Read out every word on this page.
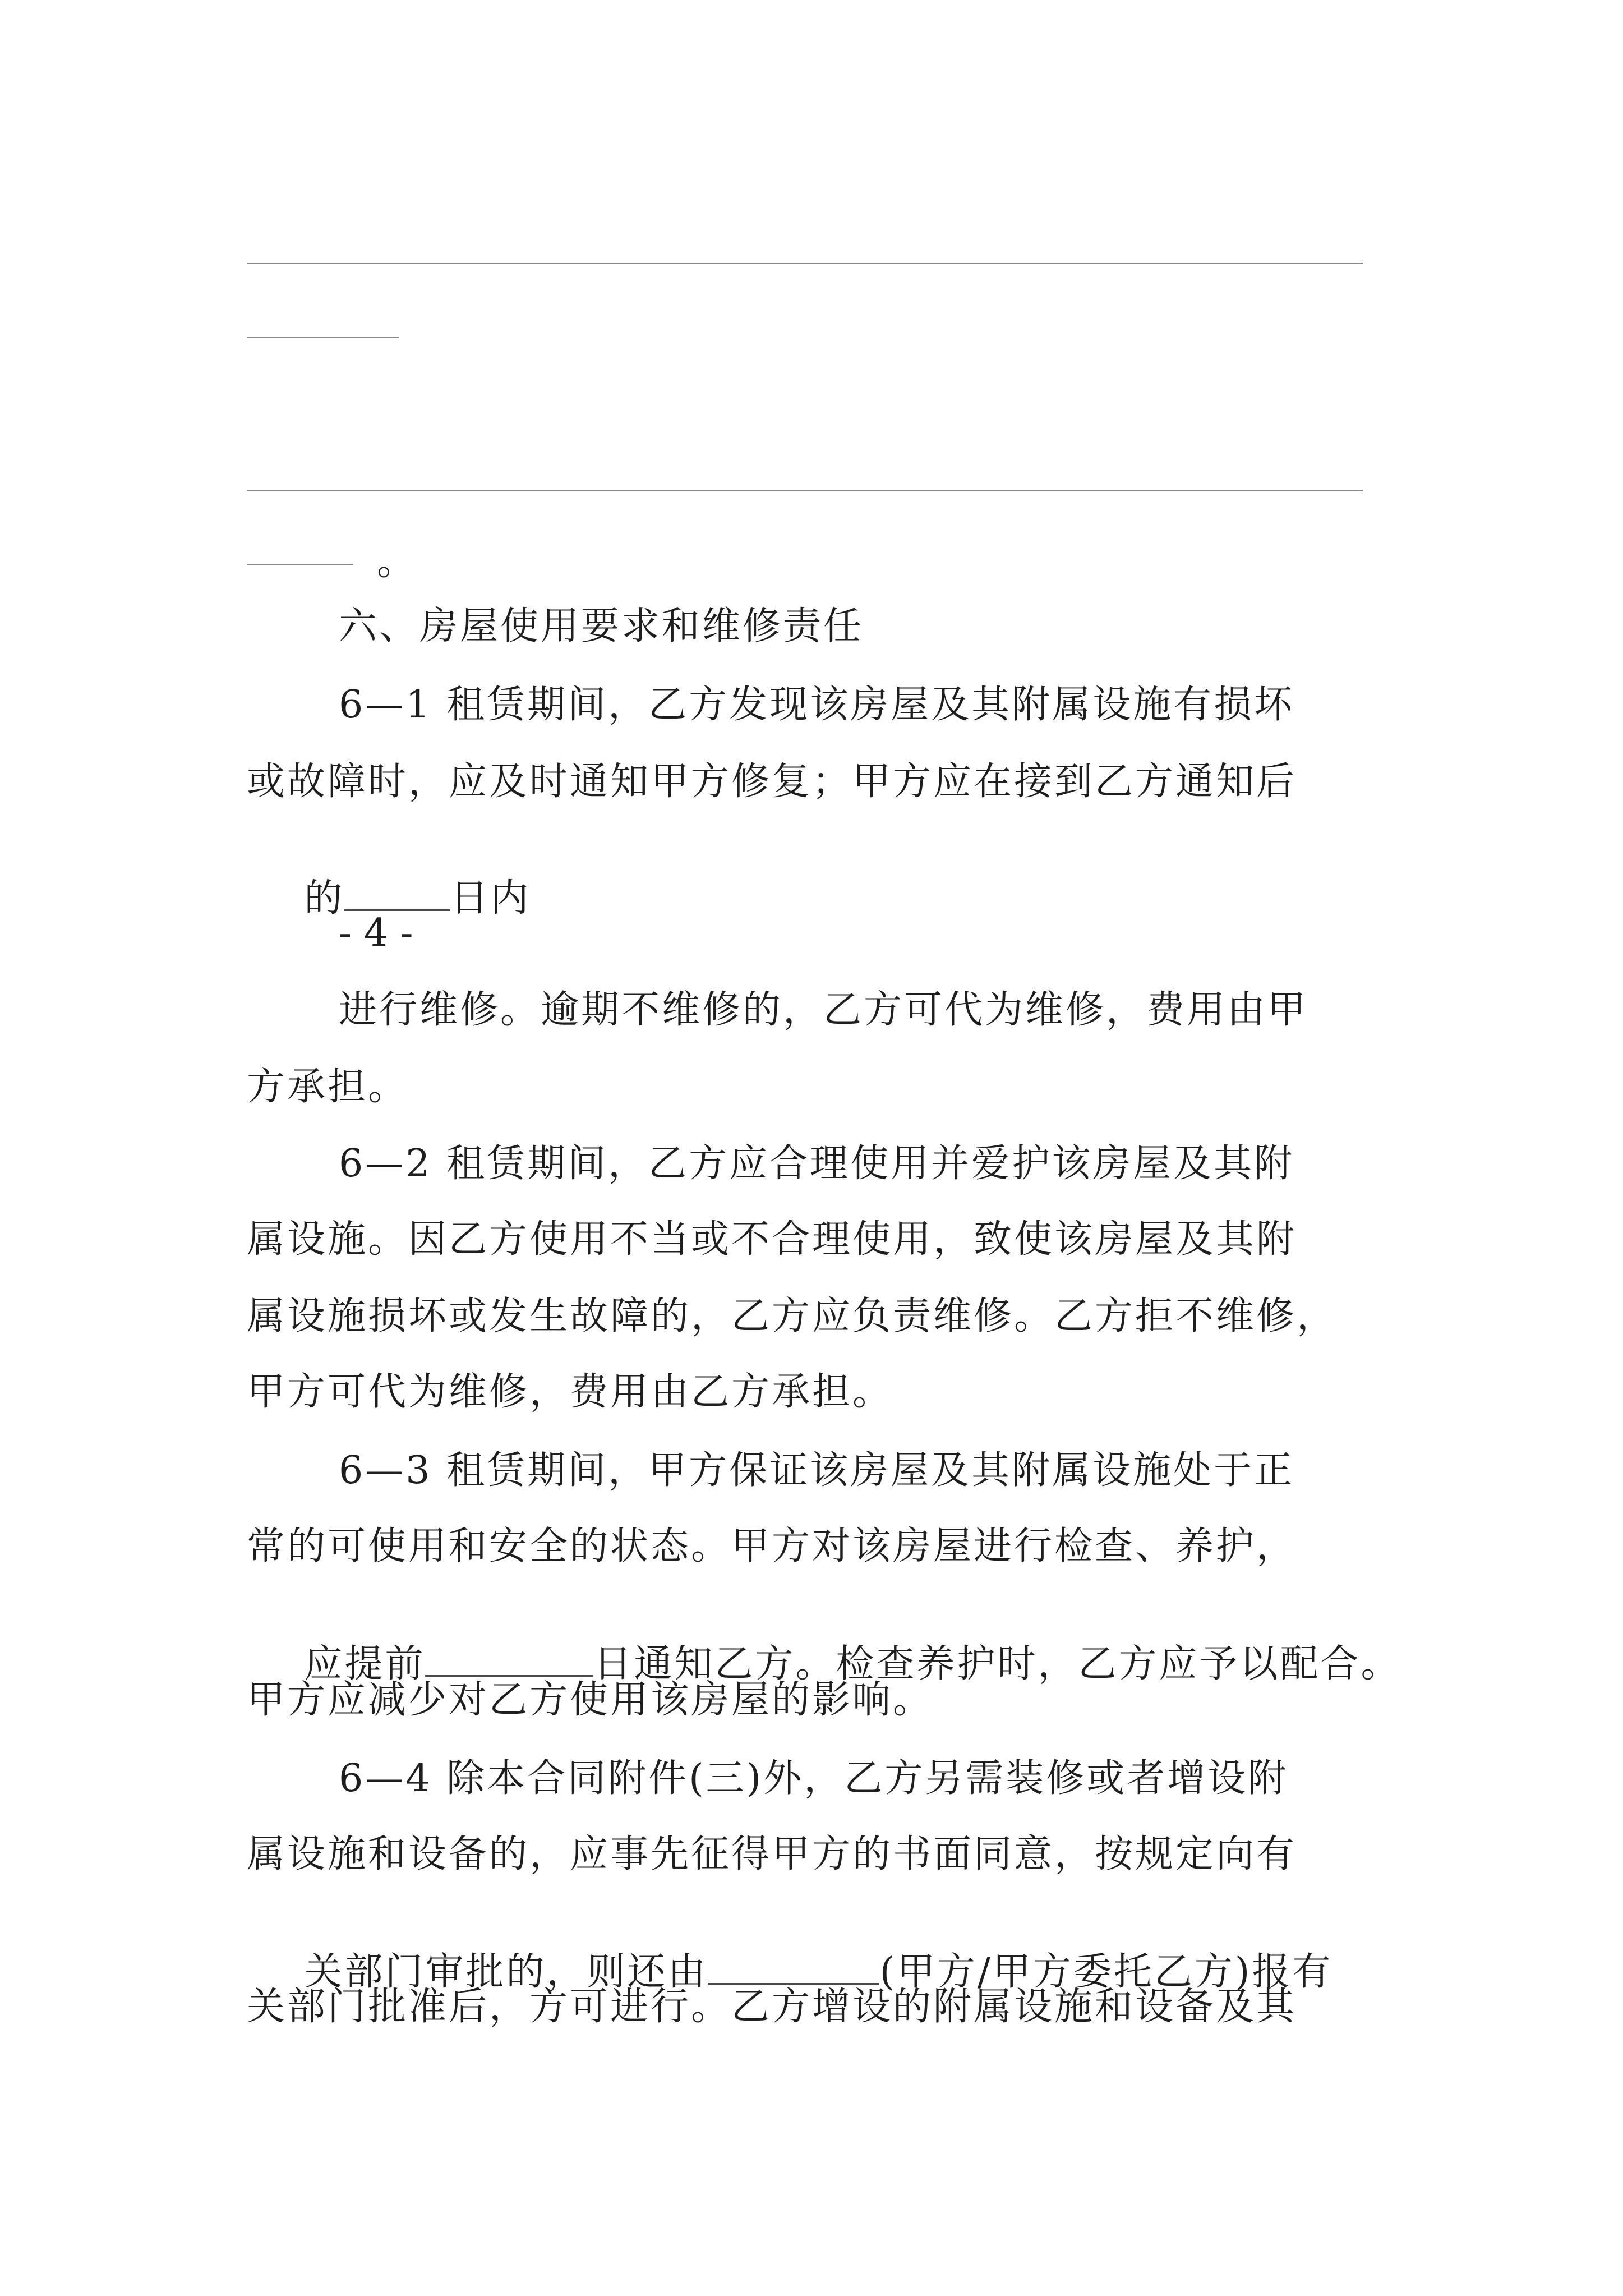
。
六、房屋使用要求和维修责任
6—1 租赁期间，乙方发现该房屋及其附属设施有损坏
或故障时，应及时通知甲方修复；甲方应在接到乙方通知后

的	日内

- 4 -
进行维修。逾期不维修的，乙方可代为维修，费用由甲
方承担。
6—2 租赁期间，乙方应合理使用并爱护该房屋及其附
属设施。因乙方使用不当或不合理使用，致使该房屋及其附
属设施损坏或发生故障的，乙方应负责维修。乙方拒不维修，
甲方可代为维修，费用由乙方承担。
6—3 租赁期间，甲方保证该房屋及其附属设施处于正
常的可使用和安全的状态。甲方对该房屋进行检查、养护，

应提前	日通知乙方。检查养护时，乙方应予以配合。

甲方应减少对乙方使用该房屋的影响。
6—4 除本合同附件(三)外，乙方另需装修或者增设附
属设施和设备的，应事先征得甲方的书面同意，按规定向有

关部门审批的，则还由	(甲方/甲方委托乙方)报有

关部门批准后，方可进行。乙方增设的附属设施和设备及其
